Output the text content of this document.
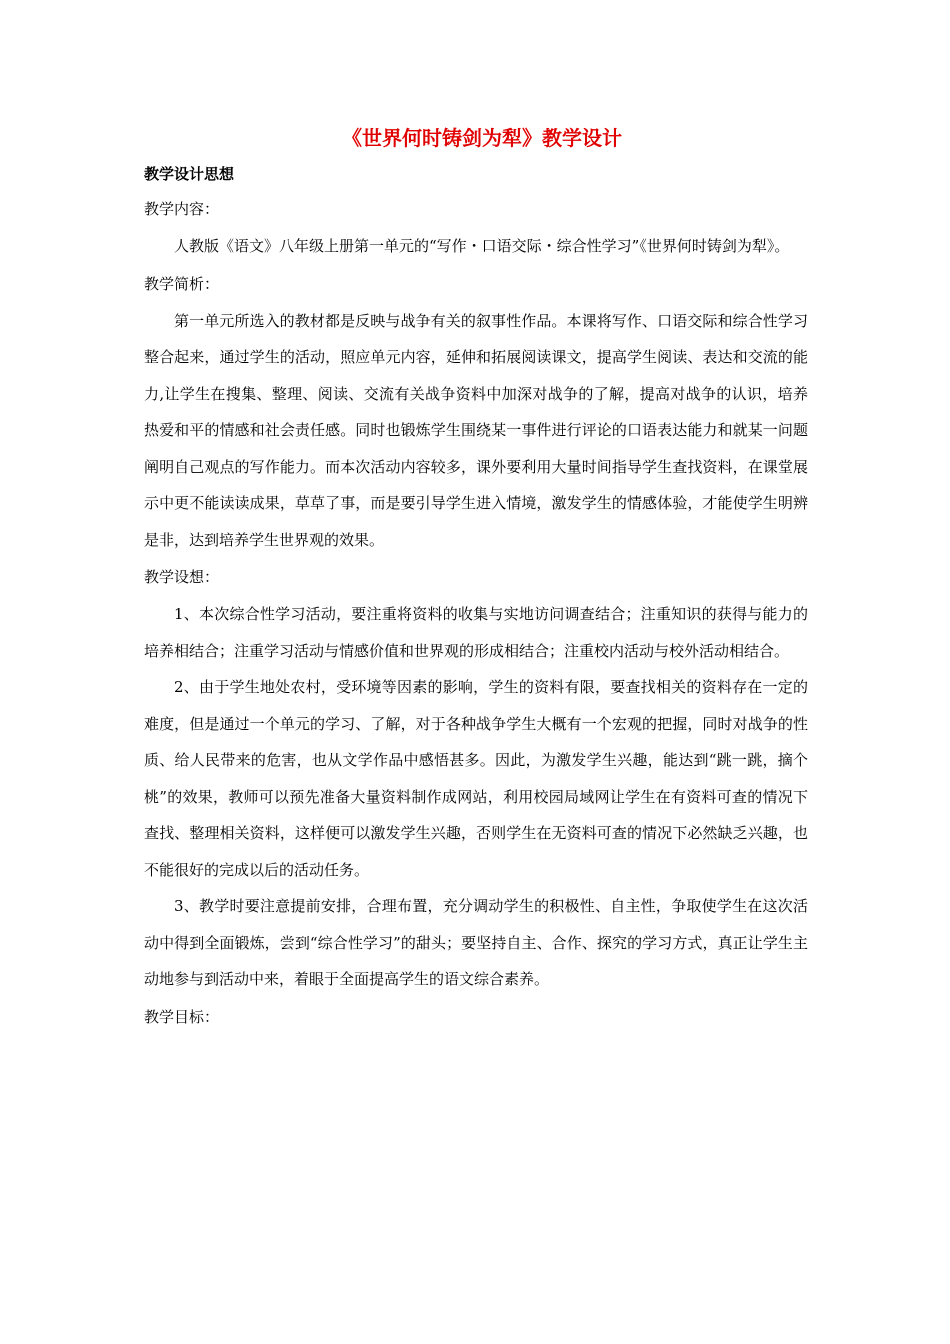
《世界何时铸剑为犁》教学设计

教学设计思想

教学内容：

人教版《语文》八年级上册第一单元的“写作・口语交际・综合性学习”《世界何时铸剑为犁》。

教学简析：

第一单元所选入的教材都是反映与战争有关的叙事性作品。本课将写作、口语交际和综合性学习整合起来，通过学生的活动，照应单元内容，延伸和拓展阅读课文，提高学生阅读、表达和交流的能力,让学生在搜集、整理、阅读、交流有关战争资料中加深对战争的了解，提高对战争的认识，培养热爱和平的情感和社会责任感。同时也锻炼学生围绕某一事件进行评论的口语表达能力和就某一问题阐明自己观点的写作能力。而本次活动内容较多，课外要利用大量时间指导学生查找资料，在课堂展示中更不能读读成果，草草了事，而是要引导学生进入情境，激发学生的情感体验，才能使学生明辨是非，达到培养学生世界观的效果。

教学设想：

1、本次综合性学习活动，要注重将资料的收集与实地访问调查结合；注重知识的获得与能力的培养相结合；注重学习活动与情感价值和世界观的形成相结合；注重校内活动与校外活动相结合。

2、由于学生地处农村，受环境等因素的影响，学生的资料有限，要查找相关的资料存在一定的难度，但是通过一个单元的学习、了解，对于各种战争学生大概有一个宏观的把握，同时对战争的性质、给人民带来的危害，也从文学作品中感悟甚多。因此，为激发学生兴趣，能达到“跳一跳，摘个桃”的效果，教师可以预先准备大量资料制作成网站，利用校园局域网让学生在有资料可查的情况下查找、整理相关资料，这样便可以激发学生兴趣，否则学生在无资料可查的情况下必然缺乏兴趣，也不能很好的完成以后的活动任务。

3、教学时要注意提前安排，合理布置，充分调动学生的积极性、自主性，争取使学生在这次活动中得到全面锻炼，尝到“综合性学习”的甜头；要坚持自主、合作、探究的学习方式，真正让学生主动地参与到活动中来，着眼于全面提高学生的语文综合素养。

教学目标：
